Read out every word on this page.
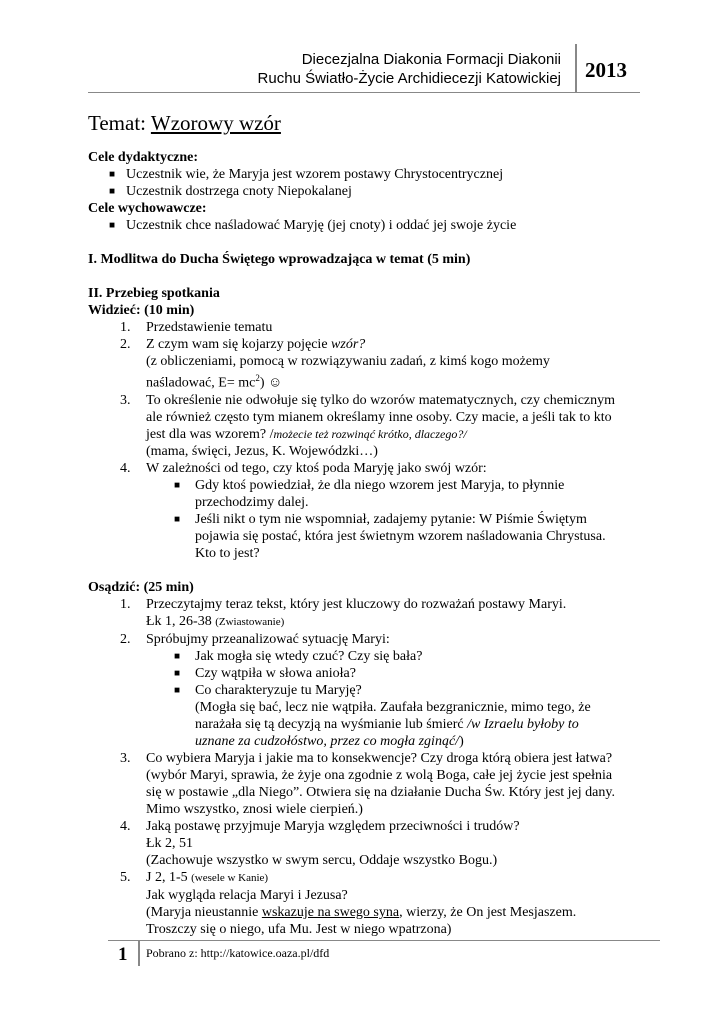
Diecezjalna Diakonia Formacji Diakonii
Ruchu Światło-Życie Archidiecezji Katowickiej 2013
Temat: Wzorowy wzór
Cele dydaktyczne:
■ Uczestnik wie, że Maryja jest wzorem postawy Chrystocentrycznej
■ Uczestnik dostrzega cnoty Niepokalanej
Cele wychowawcze:
■ Uczestnik chce naśladować Maryję (jej cnoty) i oddać jej swoje życie
I. Modlitwa do Ducha Świętego wprowadzająca w temat (5 min)
II. Przebieg spotkania
Widzieć: (10 min)
1. Przedstawienie tematu
2. Z czym wam się kojarzy pojęcie wzór?
(z obliczeniami, pomocą w rozwiązywaniu zadań, z kimś kogo możemy
naśladować, $E= mc^2$) ☺
3. To określenie nie odwołuje się tylko do wzorów matematycznych, czy chemicznym
ale również często tym mianem określamy inne osoby. Czy macie, a jeśli tak to kto
jest dla was wzorem? /możecie też rozwinąć krótko, dlaczego?/
(mama, święci, Jezus, K. Wojewódzki…)
4. W zależności od tego, czy ktoś poda Maryję jako swój wzór:
■ Gdy ktoś powiedział, że dla niego wzorem jest Maryja, to płynnie
przechodzimy dalej.
■ Jeśli nikt o tym nie wspomniał, zadajemy pytanie: W Piśmie Świętym
pojawia się postać, która jest świetnym wzorem naśladowania Chrystusa.
Kto to jest?
Osądzić: (25 min)
1. Przeczytajmy teraz tekst, który jest kluczowy do rozważań postawy Maryi.
Łk 1, 26-38 (Zwiastowanie)
2. Spróbujmy przeanalizować sytuację Maryi:
■ Jak mogła się wtedy czuć? Czy się bała?
■ Czy wątpiła w słowa anioła?
■ Co charakteryzuje tu Maryję?
(Mogła się bać, lecz nie wątpiła. Zaufała bezgranicznie, mimo tego, że
narażała się tą decyzją na wyśmianie lub śmierć /w Izraelu byłoby to
uznane za cudzołóstwo, przez co mogła zginąć/)
3. Co wybiera Maryja i jakie ma to konsekwencje? Czy droga którą obiera jest łatwa?
(wybór Maryi, sprawia, że żyje ona zgodnie z wolą Boga, całe jej życie jest spełnia
się w postawie „dla Niego”. Otwiera się na działanie Ducha Św. Który jest jej dany.
Mimo wszystko, znosi wiele cierpień.)
4. Jaką postawę przyjmuje Maryja względem przeciwności i trudów?
Łk 2, 51
(Zachowuje wszystko w swym sercu, Oddaje wszystko Bogu.)
5. J 2, 1-5 (wesele w Kanie)
Jak wygląda relacja Maryi i Jezusa?
(Maryja nieustannie wskazuje na swego syna, wierzy, że On jest Mesjaszem.
Troszczy się o niego, ufa Mu. Jest w niego wpatrzona)
1 Pobrano z: http://katowice.oaza.pl/dfd
